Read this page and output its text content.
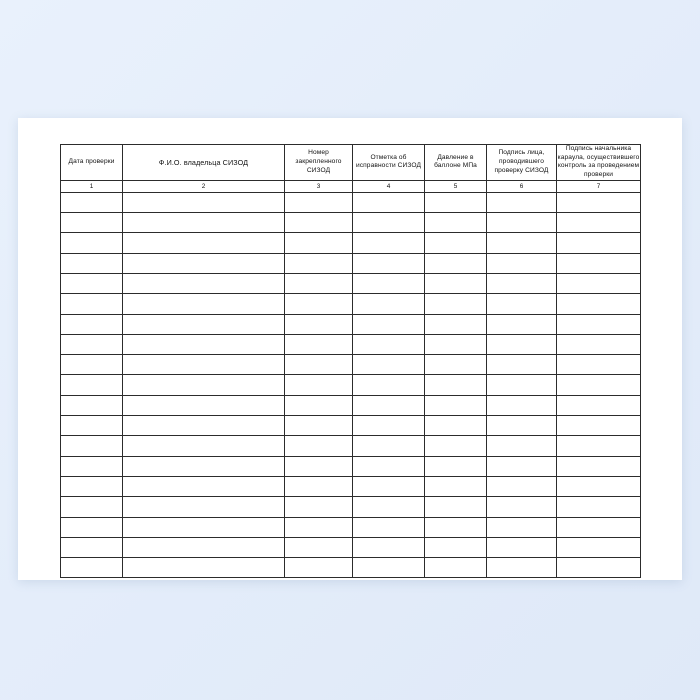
Дата проверки	Ф.И.О. владельца СИЗОД	Номер закрепленного СИЗОД	Отметка об исправности СИЗОД	Давление в баллоне МПа	Подпись лица, проводившего проверку СИЗОД	Подпись начальника караула, осуществившего контроль за проведением проверки
1	2	3	4	5	6	7
